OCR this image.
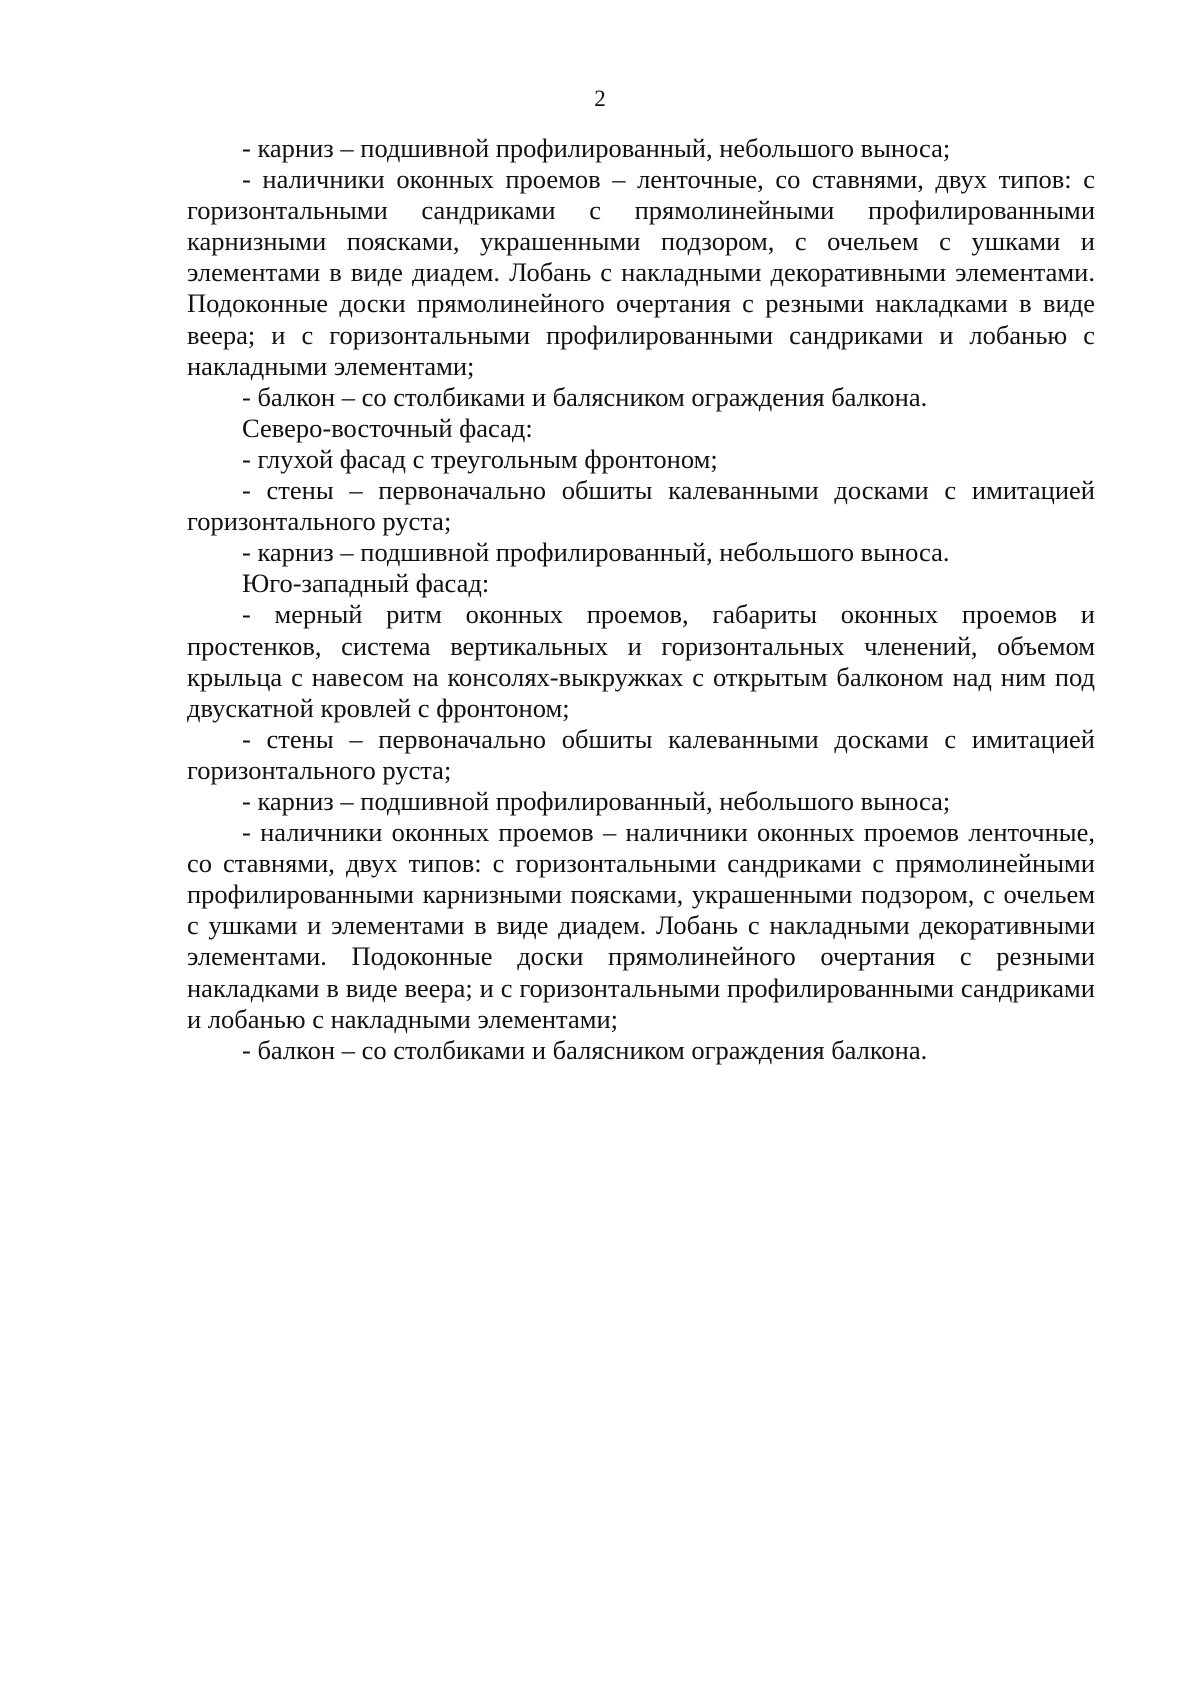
2

- карниз – подшивной профилированный, небольшого выноса;

- наличники оконных проемов – ленточные, со ставнями, двух типов: с горизонтальными сандриками с прямолинейными профилированными карнизными поясками, украшенными подзором, с очельем с ушками и элементами в виде диадем. Лобань с накладными декоративными элементами. Подоконные доски прямолинейного очертания с резными накладками в виде веера; и с горизонтальными профилированными сандриками и лобанью с накладными элементами;

- балкон – со столбиками и балясником ограждения балкона.

Северо-восточный фасад:

- глухой фасад с треугольным фронтоном;

- стены – первоначально обшиты калеванными досками с имитацией горизонтального руста;

- карниз – подшивной профилированный, небольшого выноса.

Юго-западный фасад:

- мерный ритм оконных проемов, габариты оконных проемов и простенков, система вертикальных и горизонтальных членений, объемом крыльца с навесом на консолях-выкружках с открытым балконом над ним под двускатной кровлей с фронтоном;

- стены – первоначально обшиты калеванными досками с имитацией горизонтального руста;

- карниз – подшивной профилированный, небольшого выноса;

- наличники оконных проемов – наличники оконных проемов ленточные, со ставнями, двух типов: с горизонтальными сандриками с прямолинейными профилированными карнизными поясками, украшенными подзором, с очельем с ушками и элементами в виде диадем. Лобань с накладными декоративными элементами. Подоконные доски прямолинейного очертания с резными накладками в виде веера; и с горизонтальными профилированными сандриками и лобанью с накладными элементами;

- балкон – со столбиками и балясником ограждения балкона.
